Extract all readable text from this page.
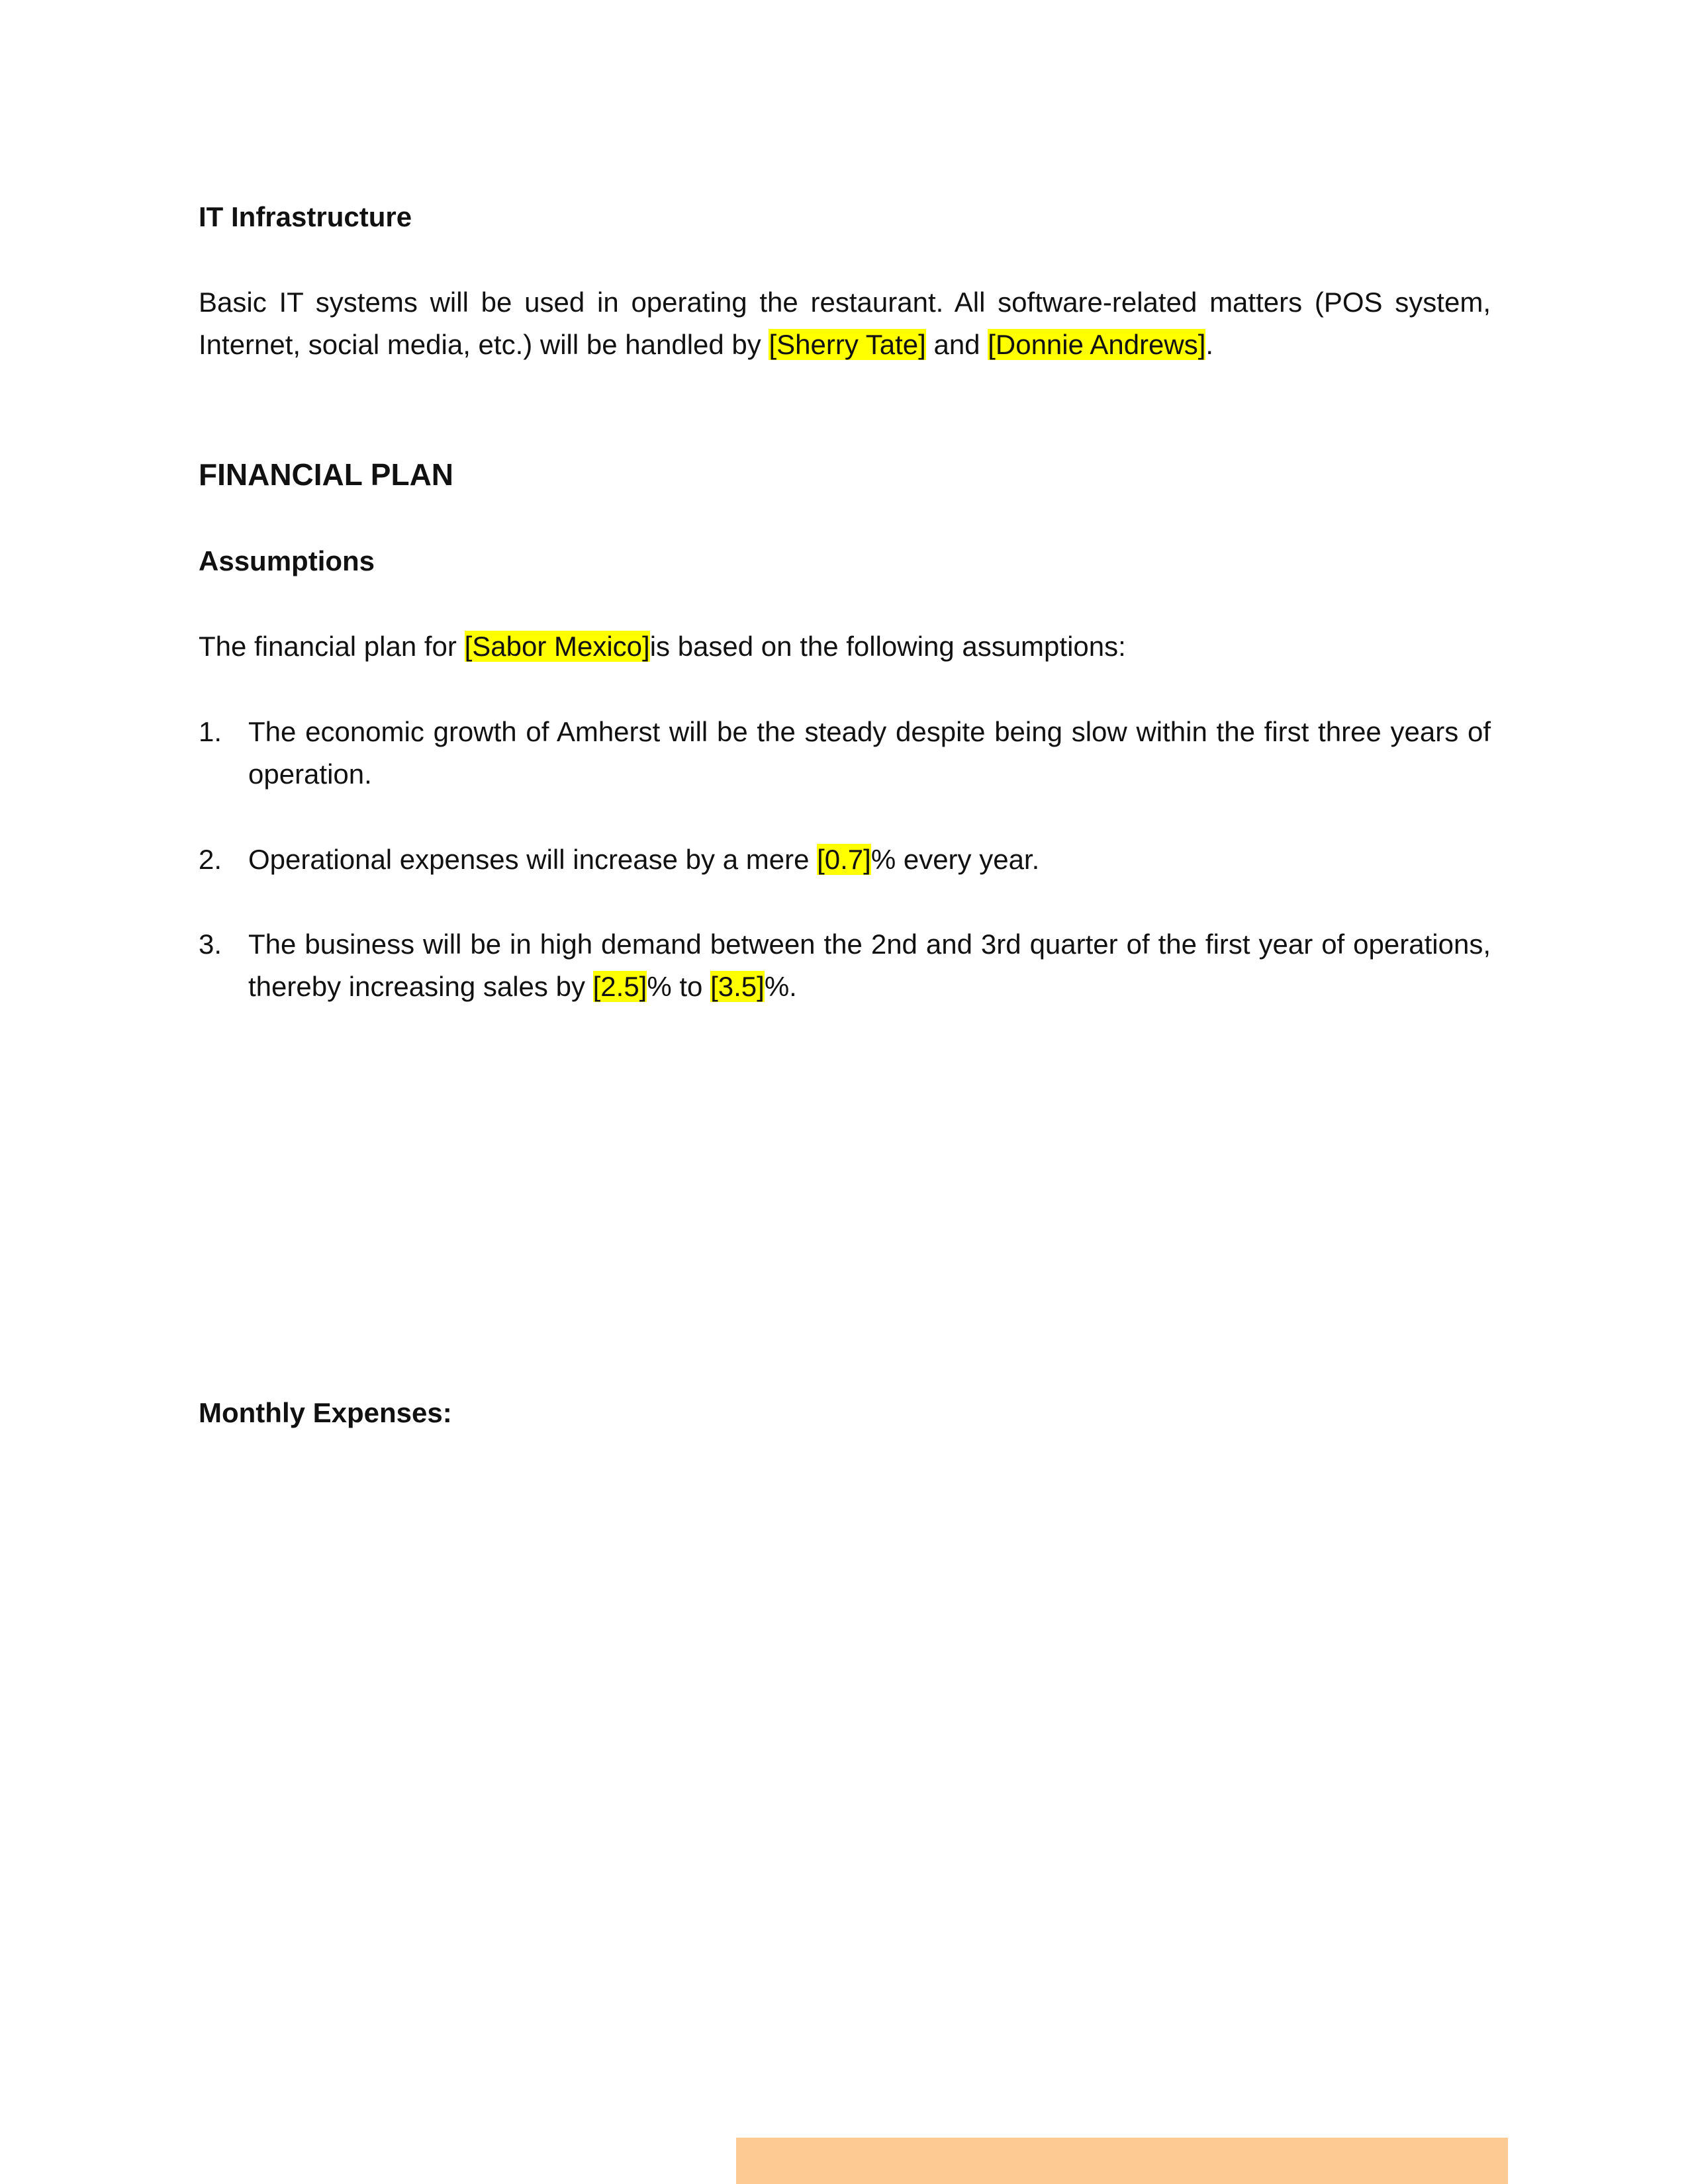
IT Infrastructure
Basic IT systems will be used in operating the restaurant. All software-related matters (POS system, Internet, social media, etc.) will be handled by [Sherry Tate] and [Donnie Andrews].
FINANCIAL PLAN
Assumptions
The financial plan for [Sabor Mexico]is based on the following assumptions:
1. The economic growth of Amherst will be the steady despite being slow within the first three years of operation.
2. Operational expenses will increase by a mere [0.7]% every year.
3. The business will be in high demand between the 2nd and 3rd quarter of the first year of operations, thereby increasing sales by [2.5]% to [3.5]%.
Monthly Expenses:
